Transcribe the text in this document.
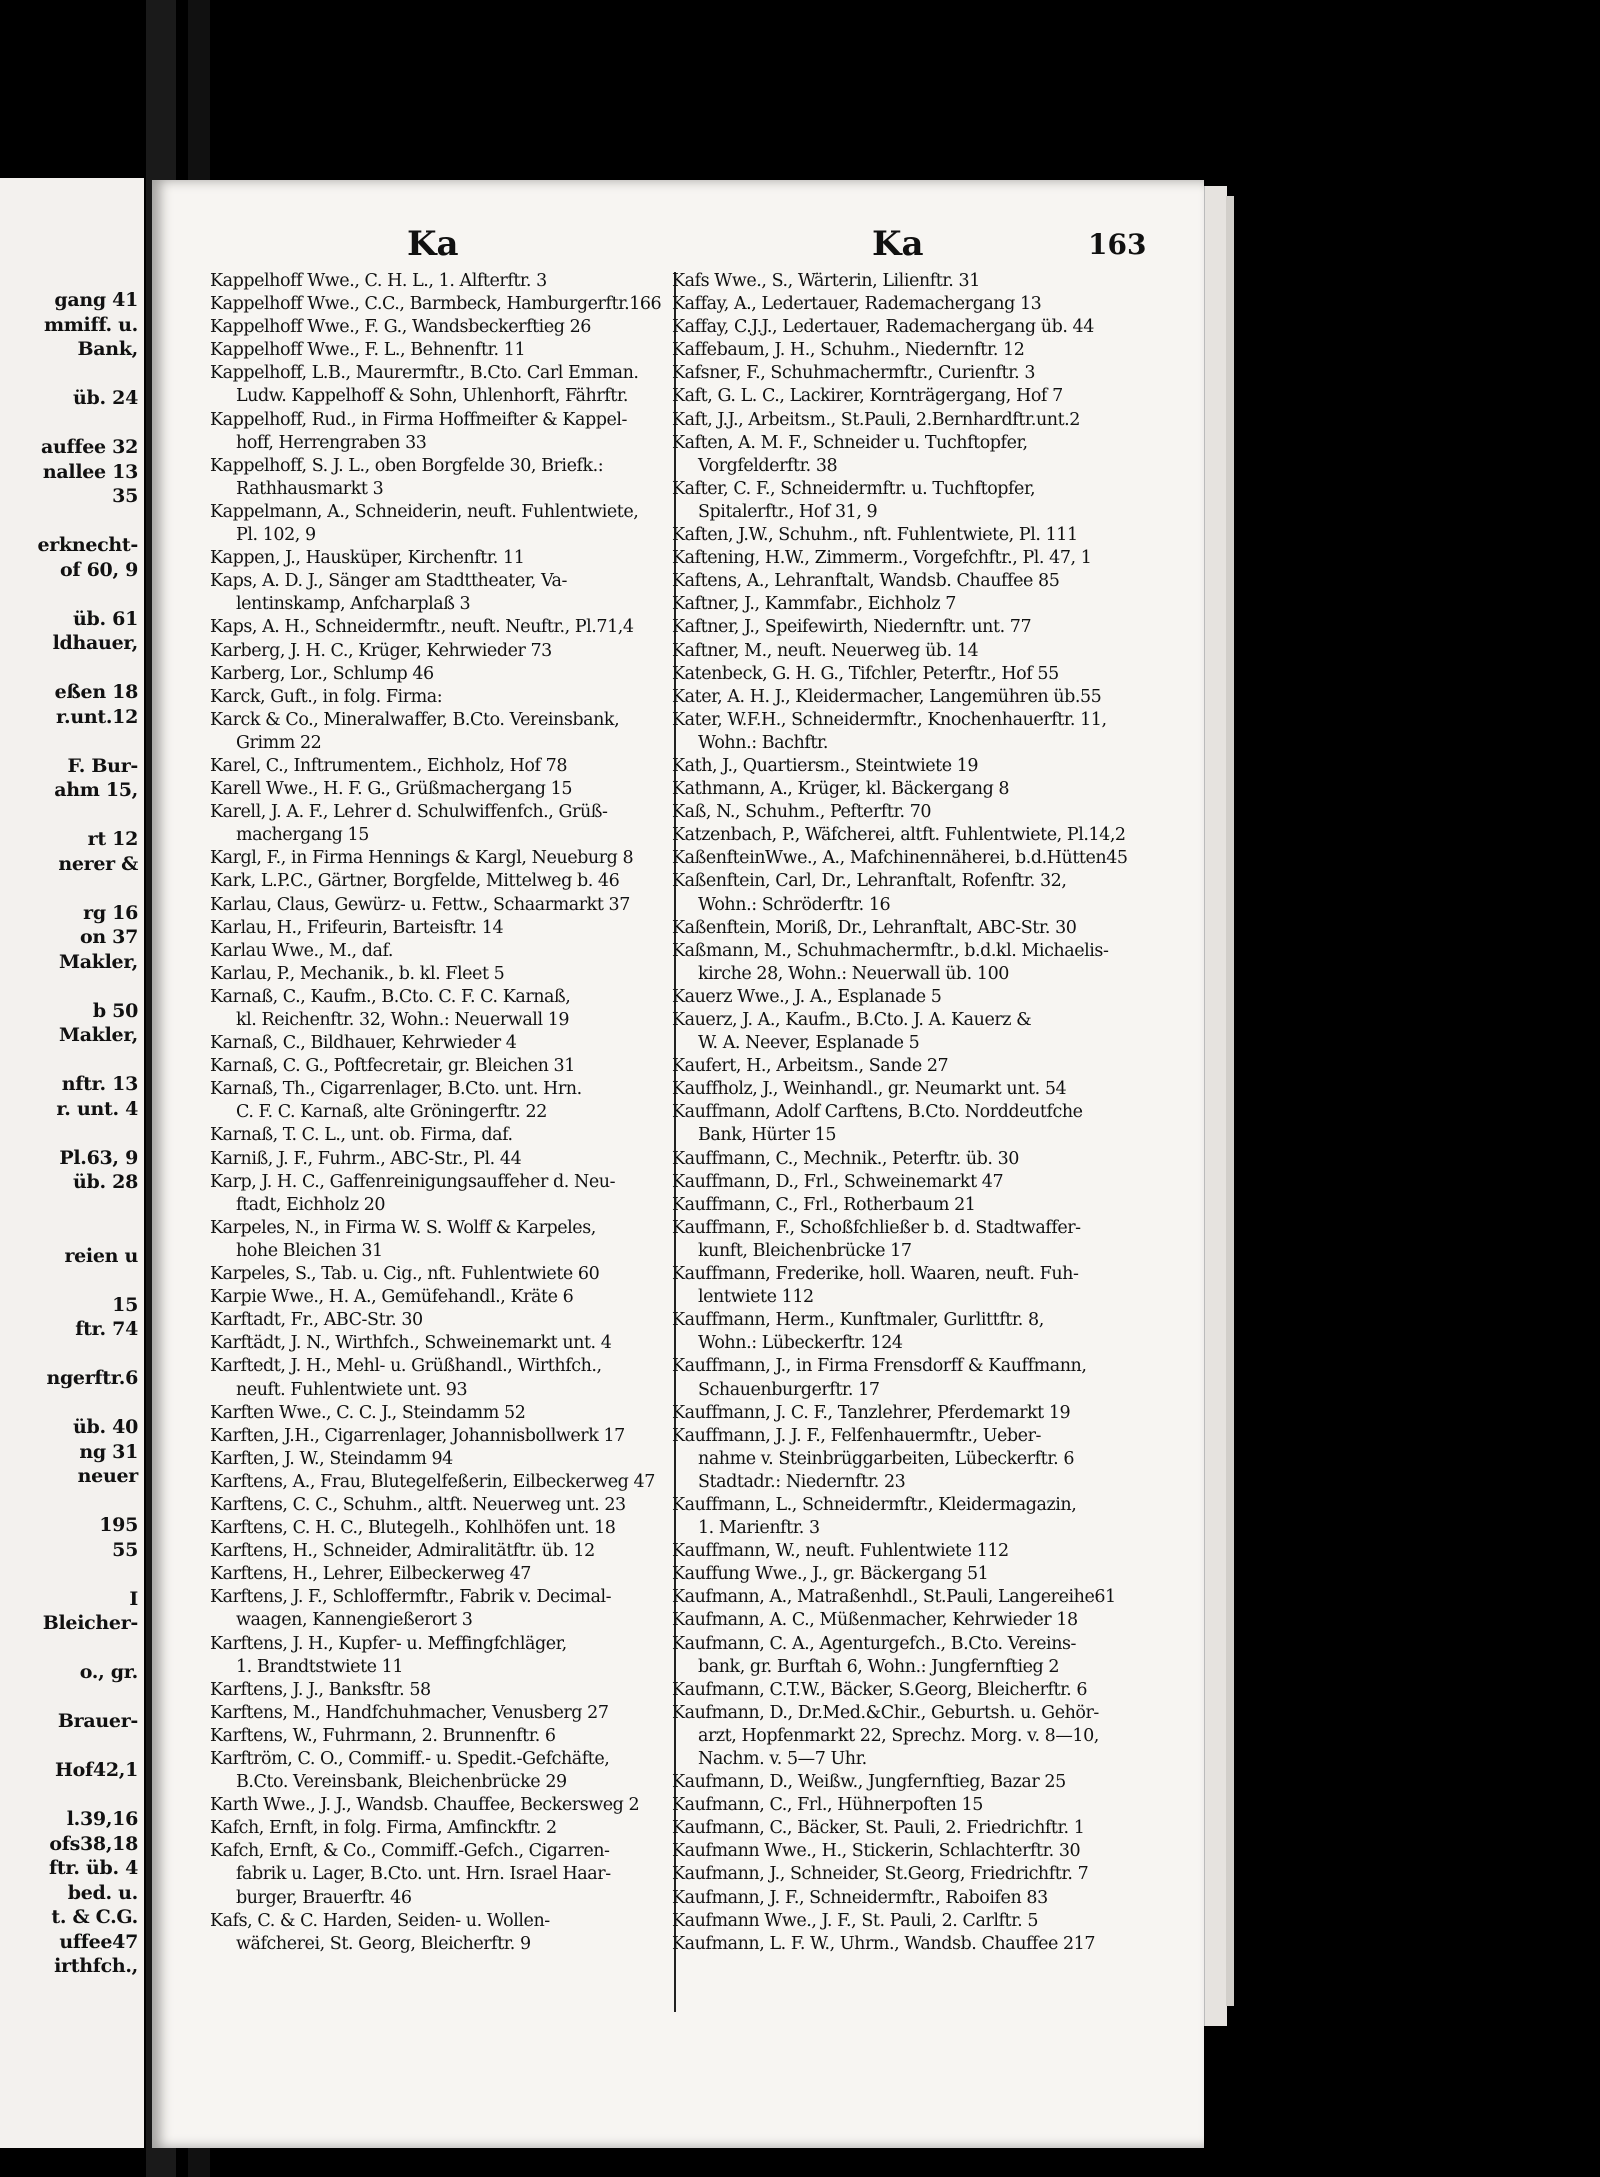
gang 41
mmiff. u.
Bank,

üb. 24

auffee 32
nallee 13
35

erknecht-
of 60, 9

üb. 61
ldhauer,

eßen 18
r.unt.12

F. Bur-
ahm 15,

rt 12
nerer &

rg 16
on 37
Makler,

b 50
Makler,

nftr. 13
r. unt. 4

Pl.63, 9
üb. 28

reien u

15
ftr. 74

ngerftr.6

üb. 40
ng 31
neuer

195
55

I
Bleicher-

o., gr.

Brauer-

Hof42,1

l.39,16
ofs38,18
ftr. üb. 4
bed. u.
t. & C.G.
uffee47
irthfch.,
Ka	Ka	163
Kappelhoff Wwe., C. H. L., 1. Alfterftr. 3
Kappelhoff Wwe., C.C., Barmbeck, Hamburgerftr.166
Kappelhoff Wwe., F. G., Wandsbeckerftieg 26
Kappelhoff Wwe., F. L., Behnenftr. 11
Kappelhoff, L.B., Maurermftr., B.Cto. Carl Emman.
Ludw. Kappelhoff & Sohn, Uhlenhorft, Fährftr.
Kappelhoff, Rud., in Firma Hoffmeifter & Kappel-
hoff, Herrengraben 33
Kappelhoff, S. J. L., oben Borgfelde 30, Briefk.:
Rathhausmarkt 3
Kappelmann, A., Schneiderin, neuft. Fuhlentwiete,
Pl. 102, 9
Kappen, J., Hausküper, Kirchenftr. 11
Kaps, A. D. J., Sänger am Stadttheater, Va-
lentinskamp, Anfcharplaß 3
Kaps, A. H., Schneidermftr., neuft. Neuftr., Pl.71,4
Karberg, J. H. C., Krüger, Kehrwieder 73
Karberg, Lor., Schlump 46
Karck, Guft., in folg. Firma:
Karck & Co., Mineralwaffer, B.Cto. Vereinsbank,
Grimm 22
Karel, C., Inftrumentem., Eichholz, Hof 78
Karell Wwe., H. F. G., Grüßmachergang 15
Karell, J. A. F., Lehrer d. Schulwiffenfch., Grüß-
machergang 15
Kargl, F., in Firma Hennings & Kargl, Neueburg 8
Kark, L.P.C., Gärtner, Borgfelde, Mittelweg b. 46
Karlau, Claus, Gewürz- u. Fettw., Schaarmarkt 37
Karlau, H., Frifeurin, Barteisftr. 14
Karlau Wwe., M., daf.
Karlau, P., Mechanik., b. kl. Fleet 5
Karnaß, C., Kaufm., B.Cto. C. F. C. Karnaß,
kl. Reichenftr. 32, Wohn.: Neuerwall 19
Karnaß, C., Bildhauer, Kehrwieder 4
Karnaß, C. G., Poftfecretair, gr. Bleichen 31
Karnaß, Th., Cigarrenlager, B.Cto. unt. Hrn.
C. F. C. Karnaß, alte Gröningerftr. 22
Karnaß, T. C. L., unt. ob. Firma, daf.
Karniß, J. F., Fuhrm., ABC-Str., Pl. 44
Karp, J. H. C., Gaffenreinigungsauffeher d. Neu-
ftadt, Eichholz 20
Karpeles, N., in Firma W. S. Wolff & Karpeles,
hohe Bleichen 31
Karpeles, S., Tab. u. Cig., nft. Fuhlentwiete 60
Karpie Wwe., H. A., Gemüfehandl., Kräte 6
Karftadt, Fr., ABC-Str. 30
Karftädt, J. N., Wirthfch., Schweinemarkt unt. 4
Karftedt, J. H., Mehl- u. Grüßhandl., Wirthfch.,
neuft. Fuhlentwiete unt. 93
Karften Wwe., C. C. J., Steindamm 52
Karften, J.H., Cigarrenlager, Johannisbollwerk 17
Karften, J. W., Steindamm 94
Karftens, A., Frau, Blutegelfeßerin, Eilbeckerweg 47
Karftens, C. C., Schuhm., altft. Neuerweg unt. 23
Karftens, C. H. C., Blutegelh., Kohlhöfen unt. 18
Karftens, H., Schneider, Admiralitätftr. üb. 12
Karftens, H., Lehrer, Eilbeckerweg 47
Karftens, J. F., Schloffermftr., Fabrik v. Decimal-
waagen, Kannengießerort 3
Karftens, J. H., Kupfer- u. Meffingfchläger,
1. Brandtstwiete 11
Karftens, J. J., Banksftr. 58
Karftens, M., Handfchuhmacher, Venusberg 27
Karftens, W., Fuhrmann, 2. Brunnenftr. 6
Karftröm, C. O., Commiff.- u. Spedit.-Gefchäfte,
B.Cto. Vereinsbank, Bleichenbrücke 29
Karth Wwe., J. J., Wandsb. Chauffee, Beckersweg 2
Kafch, Ernft, in folg. Firma, Amfinckftr. 2
Kafch, Ernft, & Co., Commiff.-Gefch., Cigarren-
fabrik u. Lager, B.Cto. unt. Hrn. Israel Haar-
burger, Brauerftr. 46
Kafs, C. & C. Harden, Seiden- u. Wollen-
wäfcherei, St. Georg, Bleicherftr. 9
Kafs Wwe., S., Wärterin, Lilienftr. 31
Kaffay, A., Ledertauer, Rademachergang 13
Kaffay, C.J.J., Ledertauer, Rademachergang üb. 44
Kaffebaum, J. H., Schuhm., Niedernftr. 12
Kafsner, F., Schuhmachermftr., Curienftr. 3
Kaft, G. L. C., Lackirer, Kornträgergang, Hof 7
Kaft, J.J., Arbeitsm., St.Pauli, 2.Bernhardftr.unt.2
Kaften, A. M. F., Schneider u. Tuchftopfer,
Vorgfelderftr. 38
Kafter, C. F., Schneidermftr. u. Tuchftopfer,
Spitalerftr., Hof 31, 9
Kaften, J.W., Schuhm., nft. Fuhlentwiete, Pl. 111
Kaftening, H.W., Zimmerm., Vorgefchftr., Pl. 47, 1
Kaftens, A., Lehranftalt, Wandsb. Chauffee 85
Kaftner, J., Kammfabr., Eichholz 7
Kaftner, J., Speifewirth, Niedernftr. unt. 77
Kaftner, M., neuft. Neuerweg üb. 14
Katenbeck, G. H. G., Tifchler, Peterftr., Hof 55
Kater, A. H. J., Kleidermacher, Langemühren üb.55
Kater, W.F.H., Schneidermftr., Knochenhauerftr. 11,
Wohn.: Bachftr.
Kath, J., Quartiersm., Steintwiete 19
Kathmann, A., Krüger, kl. Bäckergang 8
Kaß, N., Schuhm., Pefterftr. 70
Katzenbach, P., Wäfcherei, altft. Fuhlentwiete, Pl.14,2
KaßenfteinWwe., A., Mafchinennäherei, b.d.Hütten45
Kaßenftein, Carl, Dr., Lehranftalt, Rofenftr. 32,
Wohn.: Schröderftr. 16
Kaßenftein, Moriß, Dr., Lehranftalt, ABC-Str. 30
Kaßmann, M., Schuhmachermftr., b.d.kl. Michaelis-
kirche 28, Wohn.: Neuerwall üb. 100
Kauerz Wwe., J. A., Esplanade 5
Kauerz, J. A., Kaufm., B.Cto. J. A. Kauerz &
W. A. Neever, Esplanade 5
Kaufert, H., Arbeitsm., Sande 27
Kauffholz, J., Weinhandl., gr. Neumarkt unt. 54
Kauffmann, Adolf Carftens, B.Cto. Norddeutfche
Bank, Hürter 15
Kauffmann, C., Mechnik., Peterftr. üb. 30
Kauffmann, D., Frl., Schweinemarkt 47
Kauffmann, C., Frl., Rotherbaum 21
Kauffmann, F., Schoßfchließer b. d. Stadtwaffer-
kunft, Bleichenbrücke 17
Kauffmann, Frederike, holl. Waaren, neuft. Fuh-
lentwiete 112
Kauffmann, Herm., Kunftmaler, Gurlittftr. 8,
Wohn.: Lübeckerftr. 124
Kauffmann, J., in Firma Frensdorff & Kauffmann,
Schauenburgerftr. 17
Kauffmann, J. C. F., Tanzlehrer, Pferdemarkt 19
Kauffmann, J. J. F., Felfenhauermftr., Ueber-
nahme v. Steinbrüggarbeiten, Lübeckerftr. 6
Stadtadr.: Niedernftr. 23
Kauffmann, L., Schneidermftr., Kleidermagazin,
1. Marienftr. 3
Kauffmann, W., neuft. Fuhlentwiete 112
Kauffung Wwe., J., gr. Bäckergang 51
Kaufmann, A., Matraßenhdl., St.Pauli, Langereihe61
Kaufmann, A. C., Müßenmacher, Kehrwieder 18
Kaufmann, C. A., Agenturgefch., B.Cto. Vereins-
bank, gr. Burftah 6, Wohn.: Jungfernftieg 2
Kaufmann, C.T.W., Bäcker, S.Georg, Bleicherftr. 6
Kaufmann, D., Dr.Med.&Chir., Geburtsh. u. Gehör-
arzt, Hopfenmarkt 22, Sprechz. Morg. v. 8—10,
Nachm. v. 5—7 Uhr.
Kaufmann, D., Weißw., Jungfernftieg, Bazar 25
Kaufmann, C., Frl., Hühnerpoften 15
Kaufmann, C., Bäcker, St. Pauli, 2. Friedrichftr. 1
Kaufmann Wwe., H., Stickerin, Schlachterftr. 30
Kaufmann, J., Schneider, St.Georg, Friedrichftr. 7
Kaufmann, J. F., Schneidermftr., Raboifen 83
Kaufmann Wwe., J. F., St. Pauli, 2. Carlftr. 5
Kaufmann, L. F. W., Uhrm., Wandsb. Chauffee 217
